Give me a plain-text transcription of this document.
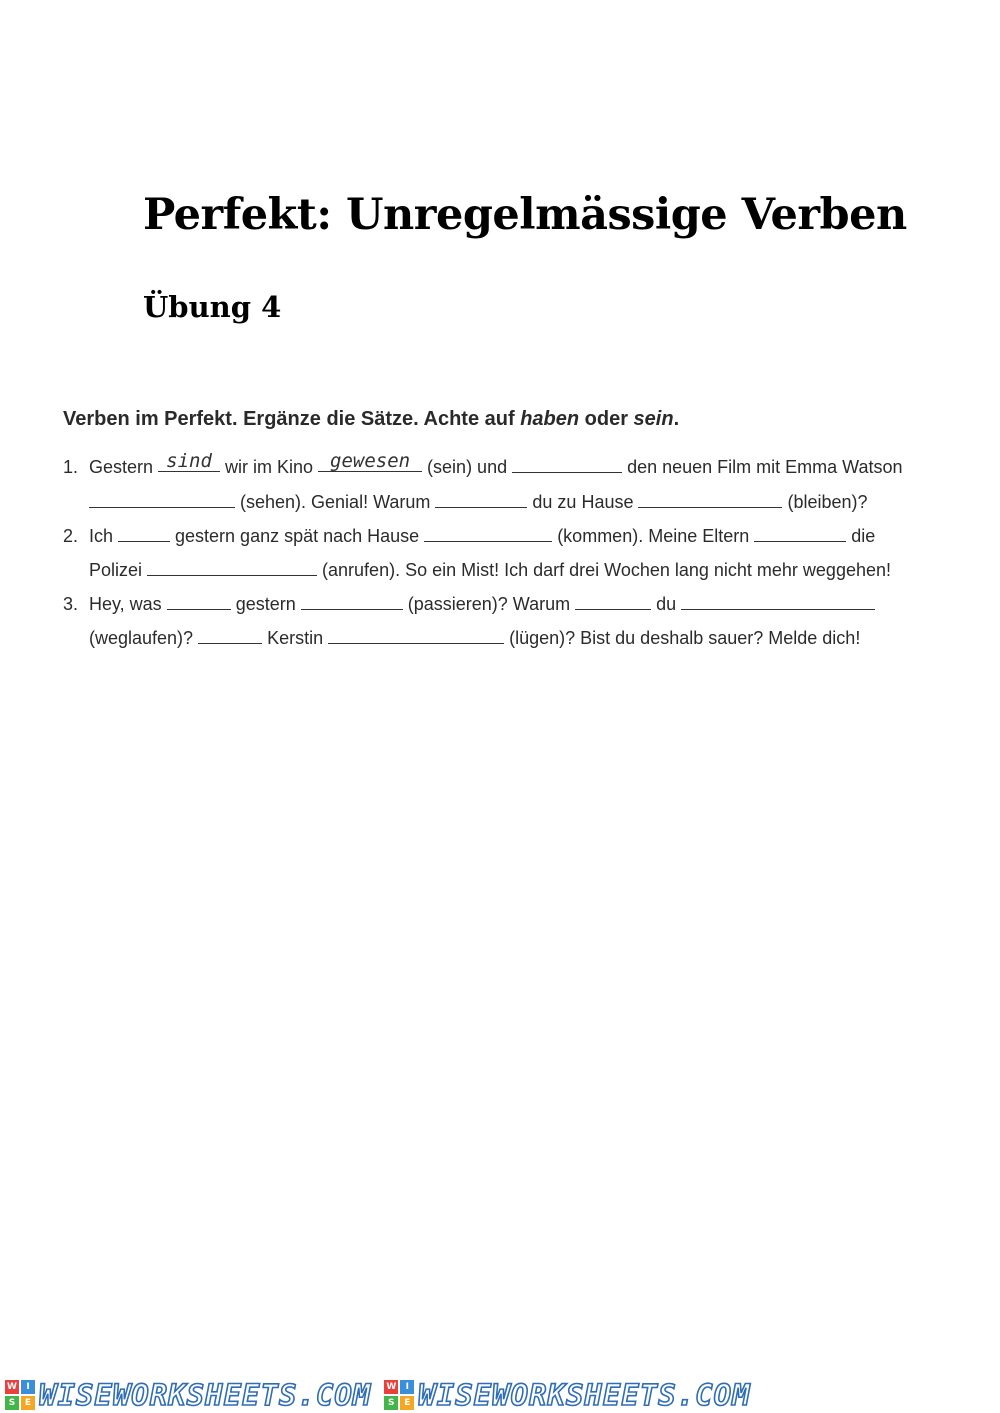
Perfekt: Unregelmässige Verben
Übung 4
Verben im Perfekt. Ergänze die Sätze. Achte auf haben oder sein.
1. Gestern sind wir im Kino gewesen (sein) und	den neuen Film mit Emma Watson
(sehen). Genial! Warum	du zu Hause	(bleiben)?
2. Ich	gestern ganz spät nach Hause	(kommen). Meine Eltern	die
Polizei	(anrufen). So ein Mist! Ich darf drei Wochen lang nicht mehr weggehen!
3. Hey, was	gestern	(passieren)? Warum	du
(weglaufen)?	Kerstin	(lügen)? Bist du deshalb sauer? Melde dich!
W	I
S	E WISEWORKSHEETS.COM W	I
S	E WISEWORKSHEETS.COM
